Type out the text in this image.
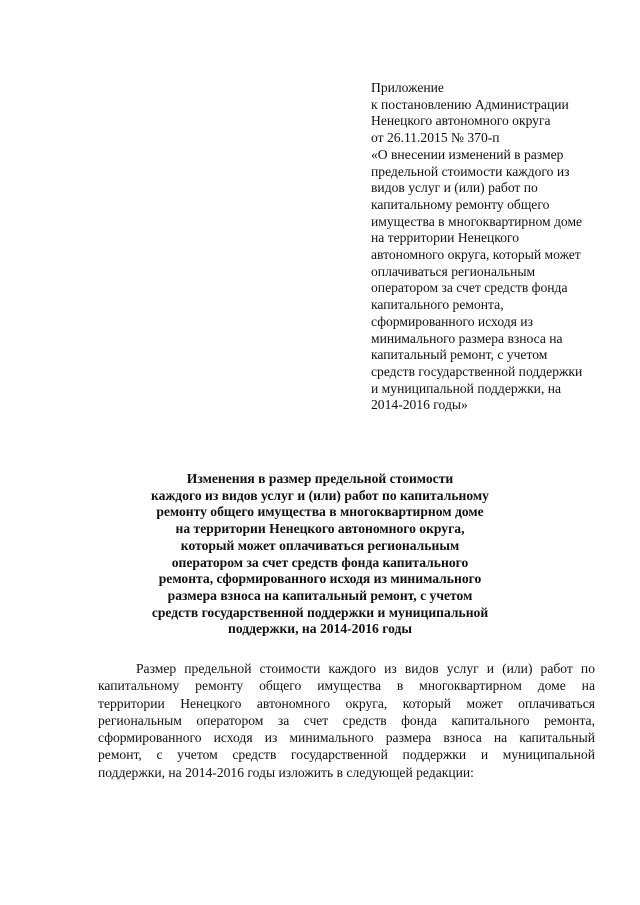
Приложение
к постановлению Администрации
Ненецкого автономного округа
от 26.11.2015 № 370-п
«О внесении изменений в размер
предельной стоимости каждого из
видов услуг и (или) работ по
капитальному ремонту общего
имущества в многоквартирном доме
на территории Ненецкого
автономного округа, который может
оплачиваться региональным
оператором за счет средств фонда
капитального ремонта,
сформированного исходя из
минимального размера взноса на
капитальный ремонт, с учетом
средств государственной поддержки
и муниципальной поддержки, на
2014-2016 годы»
Изменения в размер предельной стоимости
каждого из видов услуг и (или) работ по капитальному
ремонту общего имущества в многоквартирном доме
на территории Ненецкого автономного округа,
который может оплачиваться региональным
оператором за счет средств фонда капитального
ремонта, сформированного исходя из минимального
размера взноса на капитальный ремонт, с учетом
средств государственной поддержки и муниципальной
поддержки, на 2014-2016 годы
Размер предельной стоимости каждого из видов услуг и (или) работ по
капитальному ремонту общего имущества в многоквартирном доме на
территории Ненецкого автономного округа, который может оплачиваться
региональным оператором за счет средств фонда капитального ремонта,
сформированного исходя из минимального размера взноса на капитальный
ремонт, с учетом средств государственной поддержки и муниципальной
поддержки, на 2014-2016 годы изложить в следующей редакции:
